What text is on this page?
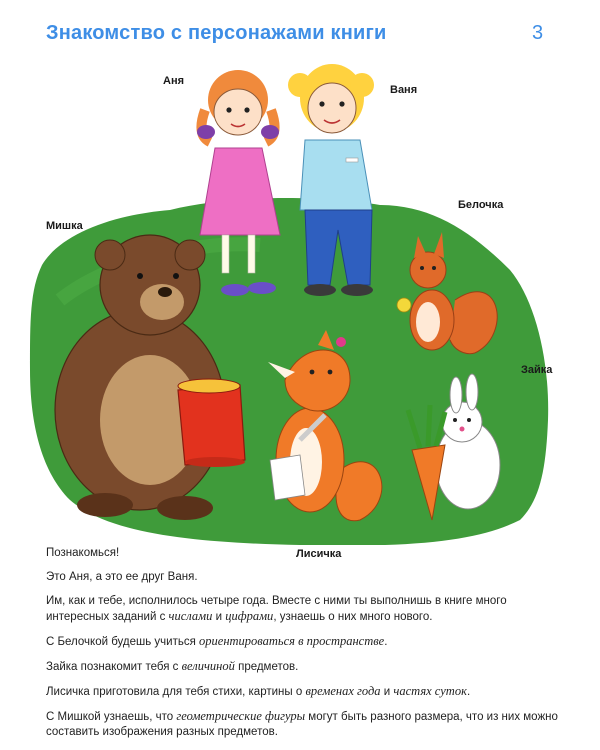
Знакомство с персонажами книги	3
Аня
Ваня
Белочка
Мишка
Зайка
Лисичка

Познакомься!

Это Аня, а это ее друг Ваня.

Им, как и тебе, исполнилось четыре года. Вместе с ними ты выполнишь в книге много интересных заданий с числами и цифрами, узнаешь о них много нового.

С Белочкой будешь учиться ориентироваться в пространстве.

Зайка познакомит тебя с величиной предметов.

Лисичка приготовила для тебя стихи, картины о временах года и частях суток.

С Мишкой узнаешь, что геометрические фигуры могут быть разного размера, что из них можно составить изображения разных предметов.
